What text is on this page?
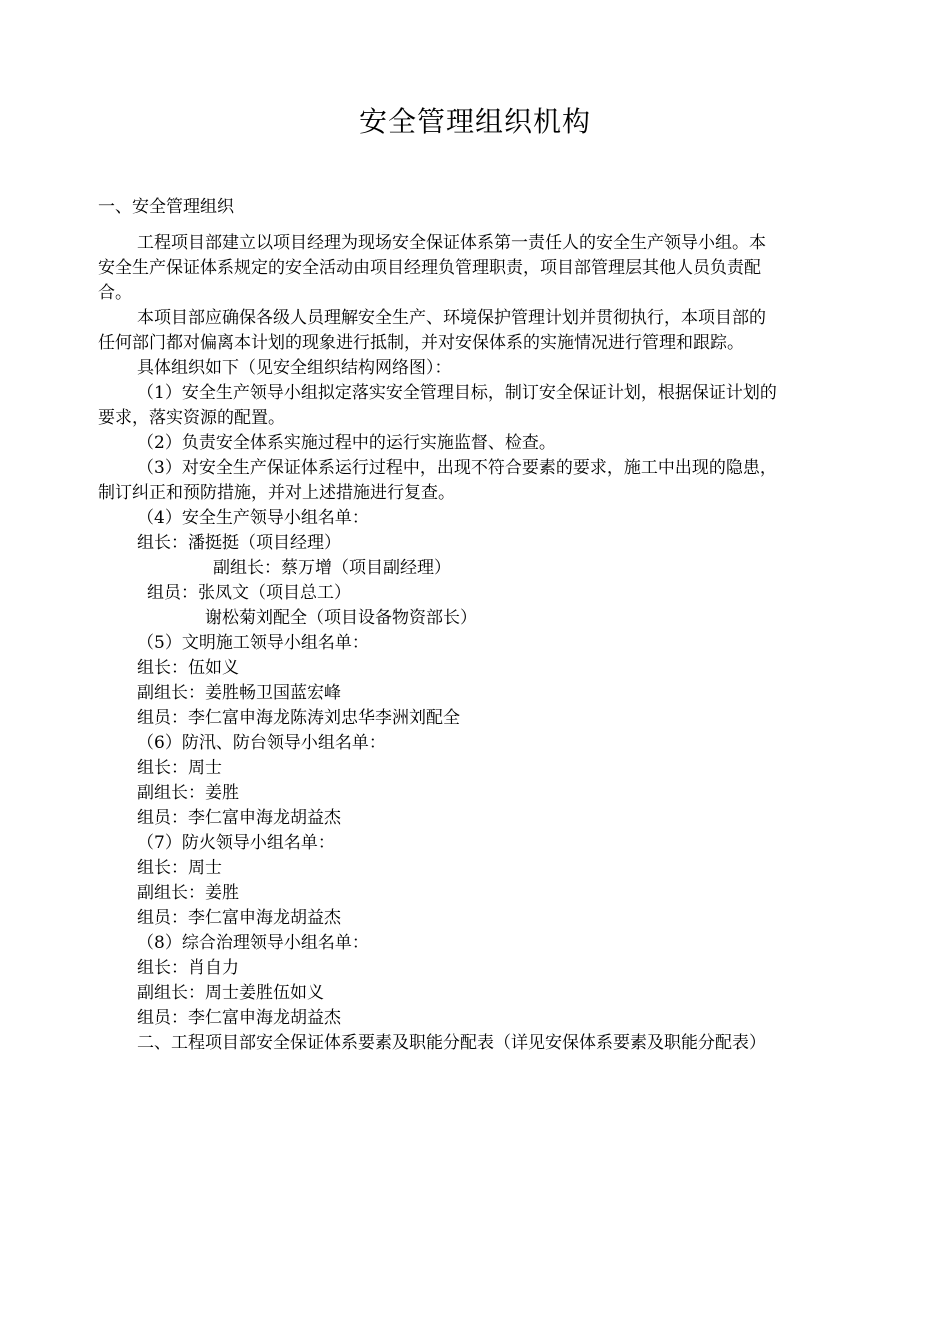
安全管理组织机构
一、安全管理组织
工程项目部建立以项目经理为现场安全保证体系第一责任人的安全生产领导小组。本
安全生产保证体系规定的安全活动由项目经理负管理职责，项目部管理层其他人员负责配
合。
本项目部应确保各级人员理解安全生产、环境保护管理计划并贯彻执行，本项目部的
任何部门都对偏离本计划的现象进行抵制，并对安保体系的实施情况进行管理和跟踪。
具体组织如下（见安全组织结构网络图）：
（1）安全生产领导小组拟定落实安全管理目标，制订安全保证计划，根据保证计划的
要求，落实资源的配置。
（2）负责安全体系实施过程中的运行实施监督、检查。
（3）对安全生产保证体系运行过程中，出现不符合要素的要求，施工中出现的隐患，
制订纠正和预防措施，并对上述措施进行复查。
（4）安全生产领导小组名单：
组长：潘挺挺（项目经理）
副组长：蔡万增（项目副经理）
组员：张凤文（项目总工）
谢松菊刘配全（项目设备物资部长）
（5）文明施工领导小组名单：
组长：伍如义
副组长：姜胜畅卫国蓝宏峰
组员：李仁富申海龙陈涛刘忠华李洲刘配全
（6）防汛、防台领导小组名单：
组长：周士
副组长：姜胜
组员：李仁富申海龙胡益杰
（7）防火领导小组名单：
组长：周士
副组长：姜胜
组员：李仁富申海龙胡益杰
（8）综合治理领导小组名单：
组长：肖自力
副组长：周士姜胜伍如义
组员：李仁富申海龙胡益杰
二、工程项目部安全保证体系要素及职能分配表（详见安保体系要素及职能分配表）
